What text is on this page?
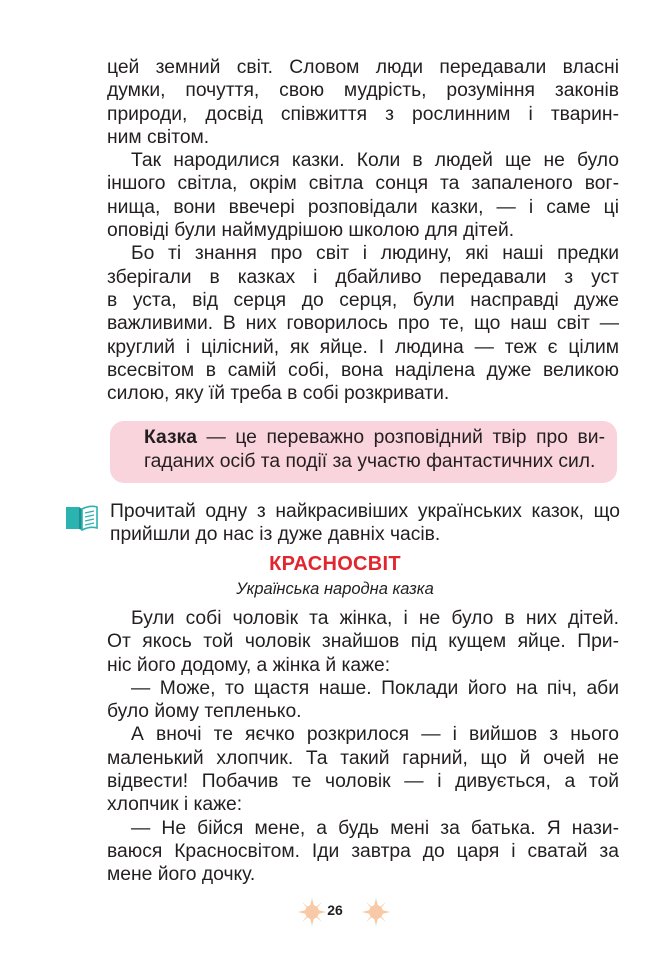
цей земний світ. Словом люди передавали власні
думки, почуття, свою мудрість, розуміння законів
природи, досвід співжиття з рослинним і тварин-
ним світом.

Так народилися казки. Коли в людей ще не було
іншого світла, окрім світла сонця та запаленого вог-
нища, вони ввечері розповідали казки, — і саме ці
оповіді були наймудрішою школою для дітей.

Бо ті знання про світ і людину, які наші предки
зберігали в казках і дбайливо передавали з уст
в уста, від серця до серця, були насправді дуже
важливими. В них говорилось про те, що наш світ —
круглий і цілісний, як яйце. І людина — теж є цілим
всесвітом в самій собі, вона наділена дуже великою
силою, яку їй треба в собі розкривати.

Казка — це переважно розповідний твір про ви-
гаданих осіб та події за участю фантастичних сил.
Прочитай одну з найкрасивіших українських казок, що
прийшли до нас із дуже давніх часів.
КРАСНОСВІТ
Українська народна казка

Були собі чоловік та жінка, і не було в них дітей.
От якось той чоловік знайшов під кущем яйце. При-
ніс його додому, а жінка й каже:

— Може, то щастя наше. Поклади його на піч, аби
було йому тепленько.

А вночі те яєчко розкрилося — і вийшов з нього
маленький хлопчик. Та такий гарний, що й очей не
відвести! Побачив те чоловік — і дивується, а той
хлопчик і каже:

— Не бійся мене, а будь мені за батька. Я нази-
ваюся Красносвітом. Іди завтра до царя і сватай за
мене його дочку.

26
